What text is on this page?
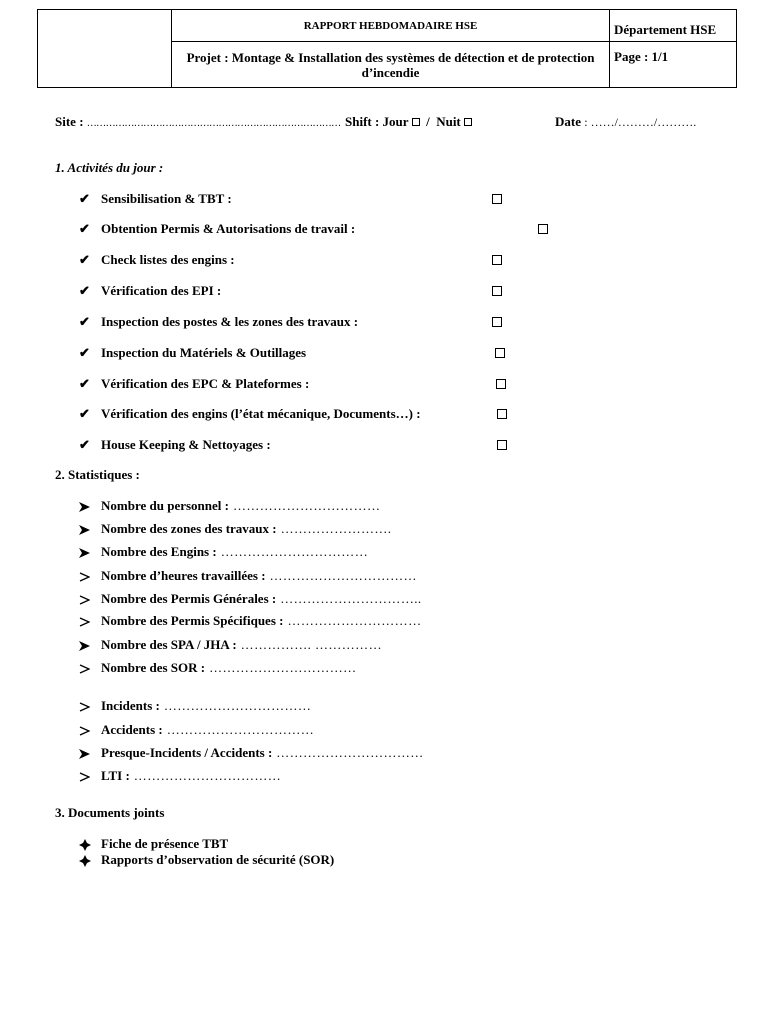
RAPPORT HEBDOMADAIRE HSE	Département HSE
Projet : Montage & Installation des systèmes de détection et de protection d’incendie
Page : 1/1
Site : ……………………………………………………………………… Shift : Jour / Nuit	Date : ……/………/……….
1. Activités du jour :
✔ Sensibilisation & TBT :
✔ Obtention Permis & Autorisations de travail :
✔ Check listes des engins :
✔ Vérification des EPI :
✔ Inspection des postes & les zones des travaux :
✔ Inspection du Matériels & Outillages
✔ Vérification des EPC & Plateformes :
✔ Vérification des engins (l’état mécanique, Documents…) :
✔ House Keeping & Nettoyages :
2. Statistiques :
Nombre du personnel : ……………………………
Nombre des zones des travaux : …………………….
Nombre des Engins : ……………………………
Nombre d’heures travaillées : ……………………………
Nombre des Permis Générales : …………………………..
Nombre des Permis Spécifiques : …………………………
Nombre des SPA / JHA : ……………. ……………
Nombre des SOR : ……………………………
Incidents : ……………………………
Accidents : ……………………………
Presque-Incidents / Accidents : ……………………………
LTI : ……………………………
3. Documents joints
Fiche de présence TBT
Rapports d’observation de sécurité (SOR)
